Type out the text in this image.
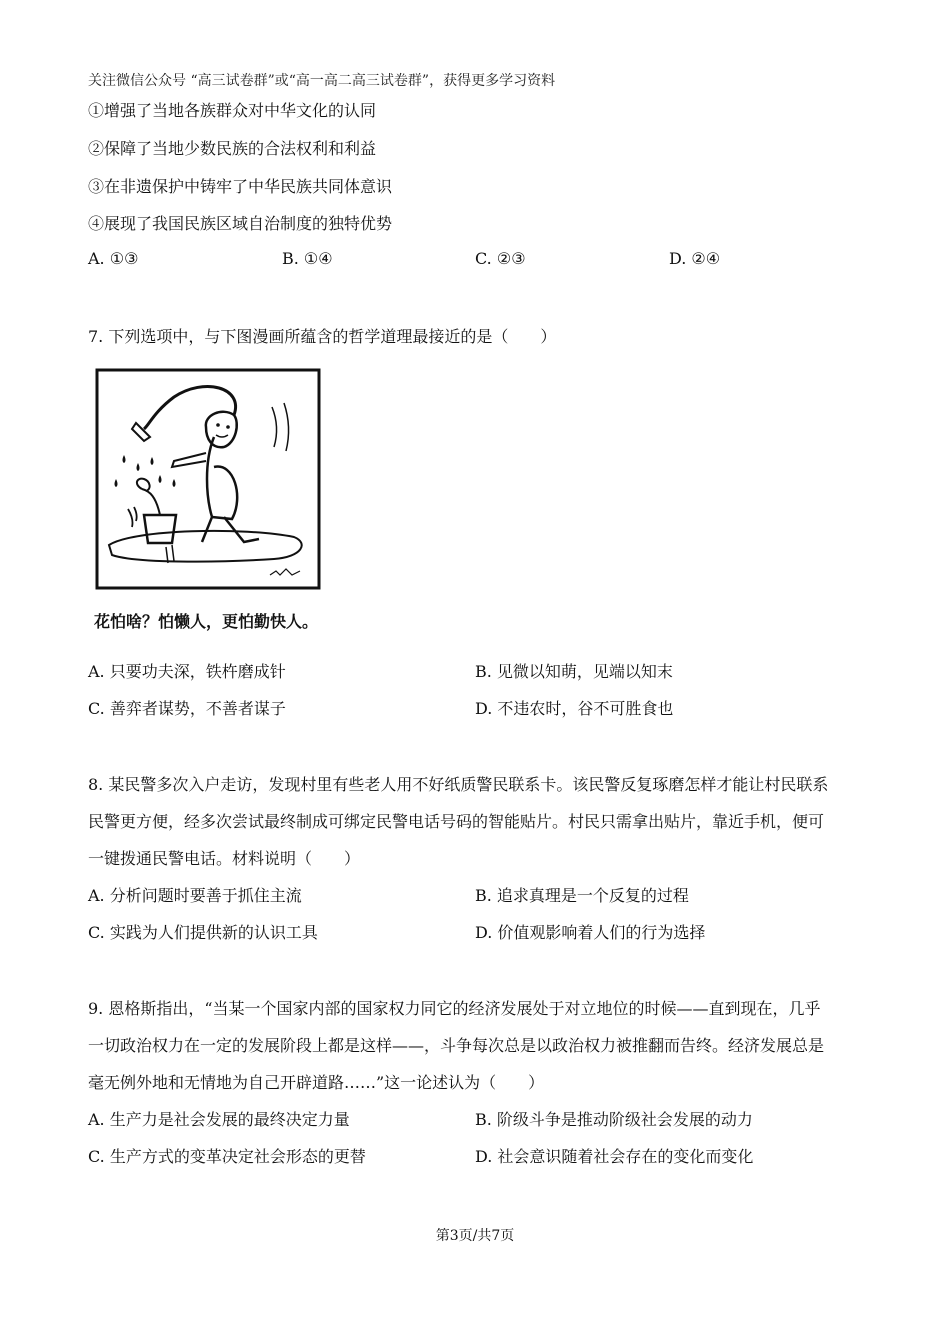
关注微信公众号 “高三试卷群”或“高一高二高三试卷群”，获得更多学习资料
①增强了当地各族群众对中华文化的认同
②保障了当地少数民族的合法权利和利益
③在非遗保护中铸牢了中华民族共同体意识
④展现了我国民族区域自治制度的独特优势
A. ①③	B. ①④	C. ②③	D. ②④
7. 下列选项中，与下图漫画所蕴含的哲学道理最接近的是（　　）
花怕啥？怕懒人，更怕勤快人。
A. 只要功夫深，铁杵磨成针	B. 见微以知萌，见端以知末
C. 善弈者谋势，不善者谋子	D. 不违农时，谷不可胜食也
8. 某民警多次入户走访，发现村里有些老人用不好纸质警民联系卡。该民警反复琢磨怎样才能让村民联系
民警更方便，经多次尝试最终制成可绑定民警电话号码的智能贴片。村民只需拿出贴片，靠近手机，便可
一键拨通民警电话。材料说明（　　）
A. 分析问题时要善于抓住主流	B. 追求真理是一个反复的过程
C. 实践为人们提供新的认识工具	D. 价值观影响着人们的行为选择
9. 恩格斯指出，“当某一个国家内部的国家权力同它的经济发展处于对立地位的时候——直到现在，几乎
一切政治权力在一定的发展阶段上都是这样——，斗争每次总是以政治权力被推翻而告终。经济发展总是
毫无例外地和无情地为自己开辟道路……”这一论述认为（　　）
A. 生产力是社会发展的最终决定力量	B. 阶级斗争是推动阶级社会发展的动力
C. 生产方式的变革决定社会形态的更替	D. 社会意识随着社会存在的变化而变化
第3页/共7页
